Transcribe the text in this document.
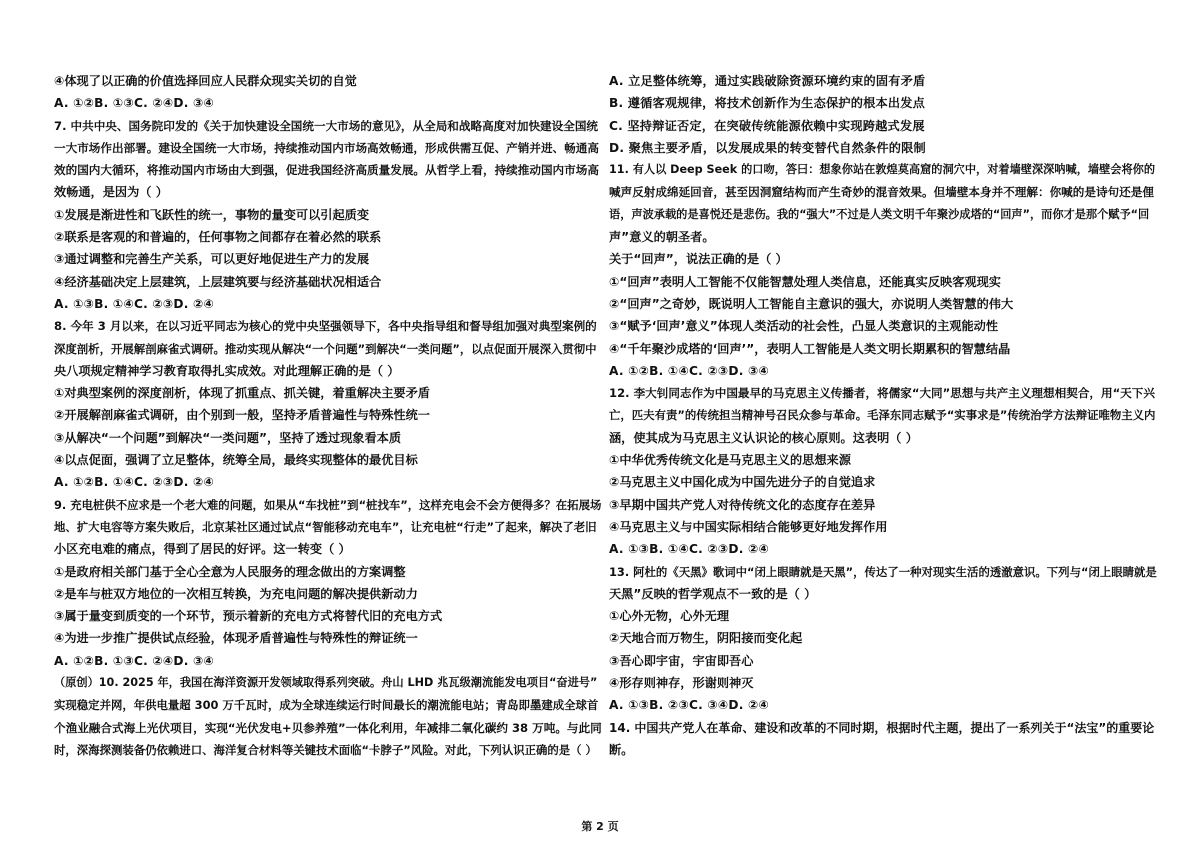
④体现了以正确的价值选择回应人民群众现实关切的自觉
A. ①②B. ①③C. ②④D. ③④
7. 中共中央、国务院印发的《关于加快建设全国统一大市场的意见》，从全局和战略高度对加快建设全国统
一大市场作出部署。建设全国统一大市场，持续推动国内市场高效畅通，形成供需互促、产销并进、畅通高
效的国内大循环，将推动国内市场由大到强，促进我国经济高质量发展。从哲学上看，持续推动国内市场高
效畅通，是因为（ ）
①发展是渐进性和飞跃性的统一，事物的量变可以引起质变
②联系是客观的和普遍的，任何事物之间都存在着必然的联系
③通过调整和完善生产关系，可以更好地促进生产力的发展
④经济基础决定上层建筑，上层建筑要与经济基础状况相适合
A. ①③B. ①④C. ②③D. ②④
8. 今年 3 月以来，在以习近平同志为核心的党中央坚强领导下，各中央指导组和督导组加强对典型案例的
深度剖析，开展解剖麻雀式调研。推动实现从解决“一个问题”到解决“一类问题”，以点促面开展深入贯彻中
央八项规定精神学习教育取得扎实成效。对此理解正确的是（ ）
①对典型案例的深度剖析，体现了抓重点、抓关键，着重解决主要矛盾
②开展解剖麻雀式调研，由个别到一般，坚持矛盾普遍性与特殊性统一
③从解决“一个问题”到解决“一类问题”，坚持了透过现象看本质
④以点促面，强调了立足整体，统筹全局，最终实现整体的最优目标
A. ①②B. ①④C. ②③D. ②④
9. 充电桩供不应求是一个老大难的问题，如果从“车找桩”到“桩找车”，这样充电会不会方便得多？在拓展场
地、扩大电容等方案失败后，北京某社区通过试点“智能移动充电车”，让充电桩“行走”了起来，解决了老旧
小区充电难的痛点，得到了居民的好评。这一转变（ ）
①是政府相关部门基于全心全意为人民服务的理念做出的方案调整
②是车与桩双方地位的一次相互转换，为充电问题的解决提供新动力
③属于量变到质变的一个环节，预示着新的充电方式将替代旧的充电方式
④为进一步推广提供试点经验，体现矛盾普遍性与特殊性的辩证统一
A. ①②B. ①③C. ②④D. ③④
（原创）10. 2025 年，我国在海洋资源开发领域取得系列突破。舟山 LHD 兆瓦级潮流能发电项目“奋进号”
实现稳定并网，年供电量超 300 万千瓦时，成为全球连续运行时间最长的潮流能电站；青岛即墨建成全球首
个渔业融合式海上光伏项目，实现“光伏发电+贝参养殖”一体化利用，年减排二氧化碳约 38 万吨。与此同
时，深海探测装备仍依赖进口、海洋复合材料等关键技术面临“卡脖子”风险。对此，下列认识正确的是（ ）
A. 立足整体统筹，通过实践破除资源环境约束的固有矛盾
B. 遵循客观规律，将技术创新作为生态保护的根本出发点
C. 坚持辩证否定，在突破传统能源依赖中实现跨越式发展
D. 聚焦主要矛盾，以发展成果的转变替代自然条件的限制
11. 有人以 Deep Seek 的口吻，答曰：想象你站在敦煌莫高窟的洞穴中，对着墙壁深深呐喊，墙壁会将你的
喊声反射成绵延回音，甚至因洞窟结构而产生奇妙的混音效果。但墙壁本身并不理解：你喊的是诗句还是俚
语，声波承载的是喜悦还是悲伤。我的“强大”不过是人类文明千年聚沙成塔的“回声”，而你才是那个赋予“回
声”意义的朝圣者。
关于“回声”，说法正确的是（ ）
①“回声”表明人工智能不仅能智慧处理人类信息，还能真实反映客观现实
②“回声”之奇妙，既说明人工智能自主意识的强大，亦说明人类智慧的伟大
③“赋予‘回声’意义”体现人类活动的社会性，凸显人类意识的主观能动性
④“千年聚沙成塔的‘回声’”，表明人工智能是人类文明长期累积的智慧结晶
A. ①②B. ①④C. ②③D. ③④
12. 李大钊同志作为中国最早的马克思主义传播者，将儒家“大同”思想与共产主义理想相契合，用“天下兴
亡，匹夫有责”的传统担当精神号召民众参与革命。毛泽东同志赋予“实事求是”传统治学方法辩证唯物主义内
涵，使其成为马克思主义认识论的核心原则。这表明（ ）
①中华优秀传统文化是马克思主义的思想来源
②马克思主义中国化成为中国先进分子的自觉追求
③早期中国共产党人对待传统文化的态度存在差异
④马克思主义与中国实际相结合能够更好地发挥作用
A. ①③B. ①④C. ②③D. ②④
13. 阿杜的《天黑》歌词中“闭上眼睛就是天黑”，传达了一种对现实生活的透澈意识。下列与“闭上眼睛就是
天黑”反映的哲学观点不一致的是（ ）
①心外无物，心外无理
②天地合而万物生，阴阳接而变化起
③吾心即宇宙，宇宙即吾心
④形存则神存，形谢则神灭
A. ①③B. ②③C. ③④D. ②④
14. 中国共产党人在革命、建设和改革的不同时期，根据时代主题，提出了一系列关于“法宝”的重要论
断。
第 2 页
